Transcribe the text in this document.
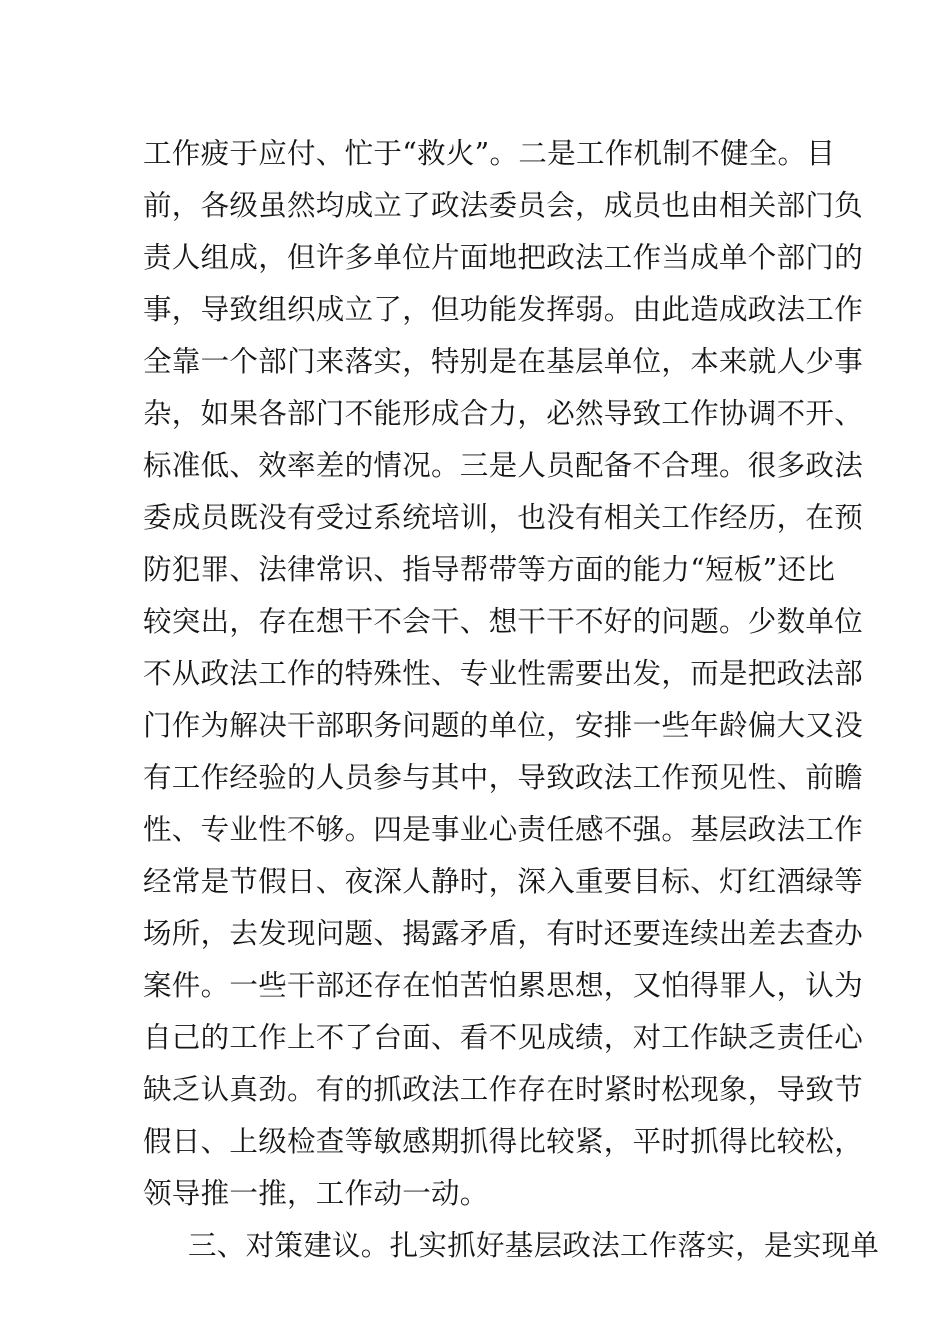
工作疲于应付、忙于“救火”。二是工作机制不健全。目
前，各级虽然均成立了政法委员会，成员也由相关部门负
责人组成，但许多单位片面地把政法工作当成单个部门的
事，导致组织成立了，但功能发挥弱。由此造成政法工作
全靠一个部门来落实，特别是在基层单位，本来就人少事
杂，如果各部门不能形成合力，必然导致工作协调不开、
标准低、效率差的情况。三是人员配备不合理。很多政法
委成员既没有受过系统培训，也没有相关工作经历，在预
防犯罪、法律常识、指导帮带等方面的能力“短板”还比
较突出，存在想干不会干、想干干不好的问题。少数单位
不从政法工作的特殊性、专业性需要出发，而是把政法部
门作为解决干部职务问题的单位，安排一些年龄偏大又没
有工作经验的人员参与其中，导致政法工作预见性、前瞻
性、专业性不够。四是事业心责任感不强。基层政法工作
经常是节假日、夜深人静时，深入重要目标、灯红酒绿等
场所，去发现问题、揭露矛盾，有时还要连续出差去查办
案件。一些干部还存在怕苦怕累思想，又怕得罪人，认为
自己的工作上不了台面、看不见成绩，对工作缺乏责任心
缺乏认真劲。有的抓政法工作存在时紧时松现象，导致节
假日、上级检查等敏感期抓得比较紧，平时抓得比较松，
领导推一推，工作动一动。
三、对策建议。扎实抓好基层政法工作落实，是实现单
